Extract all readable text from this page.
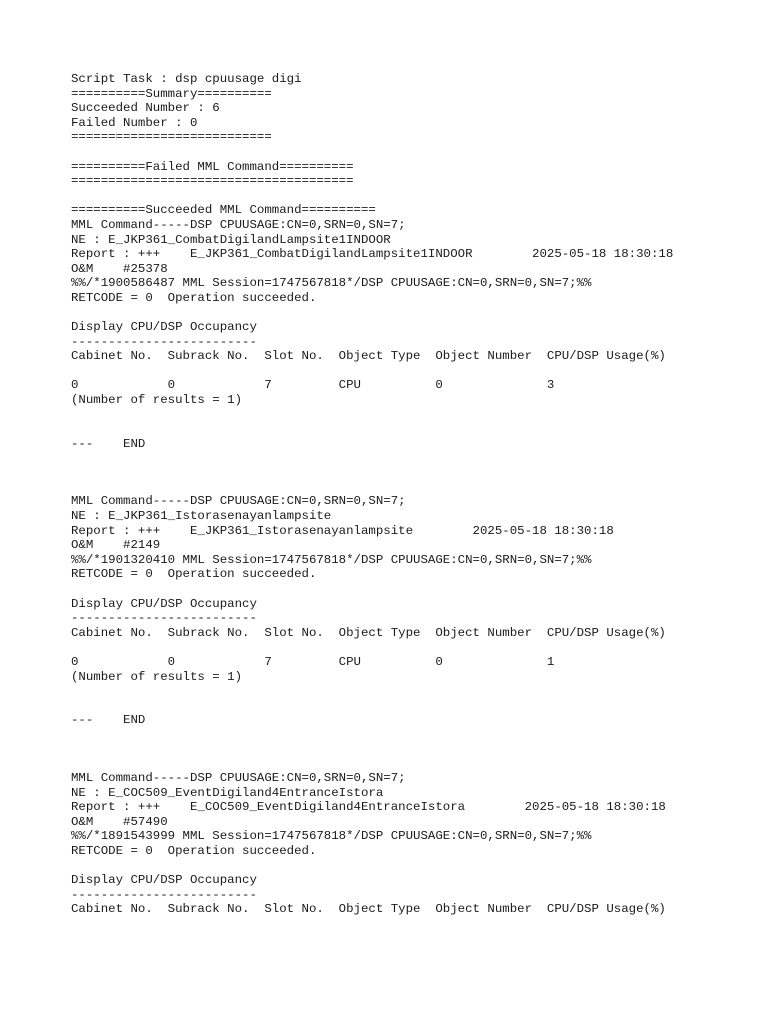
Script Task : dsp cpuusage digi
==========Summary==========
Succeeded Number : 6
Failed Number : 0
===========================
==========Failed MML Command==========
======================================
==========Succeeded MML Command==========
MML Command-----DSP CPUUSAGE:CN=0,SRN=0,SN=7;
NE : E_JKP361_CombatDigilandLampsite1INDOOR
Report : +++    E_JKP361_CombatDigilandLampsite1INDOOR        2025-05-18 18:30:18
O&M    #25378
%%/*1900586487 MML Session=1747567818*/DSP CPUUSAGE:CN=0,SRN=0,SN=7;%%
RETCODE = 0  Operation succeeded.
Display CPU/DSP Occupancy
-------------------------
Cabinet No.  Subrack No.  Slot No.  Object Type  Object Number  CPU/DSP Usage(%)
0            0            7         CPU          0              3
(Number of results = 1)
---    END
MML Command-----DSP CPUUSAGE:CN=0,SRN=0,SN=7;
NE : E_JKP361_Istorasenayanlampsite
Report : +++    E_JKP361_Istorasenayanlampsite        2025-05-18 18:30:18
O&M    #2149
%%/*1901320410 MML Session=1747567818*/DSP CPUUSAGE:CN=0,SRN=0,SN=7;%%
RETCODE = 0  Operation succeeded.
Display CPU/DSP Occupancy
-------------------------
Cabinet No.  Subrack No.  Slot No.  Object Type  Object Number  CPU/DSP Usage(%)
0            0            7         CPU          0              1
(Number of results = 1)
---    END
MML Command-----DSP CPUUSAGE:CN=0,SRN=0,SN=7;
NE : E_COC509_EventDigiland4EntranceIstora
Report : +++    E_COC509_EventDigiland4EntranceIstora        2025-05-18 18:30:18
O&M    #57490
%%/*1891543999 MML Session=1747567818*/DSP CPUUSAGE:CN=0,SRN=0,SN=7;%%
RETCODE = 0  Operation succeeded.
Display CPU/DSP Occupancy
-------------------------
Cabinet No.  Subrack No.  Slot No.  Object Type  Object Number  CPU/DSP Usage(%)
